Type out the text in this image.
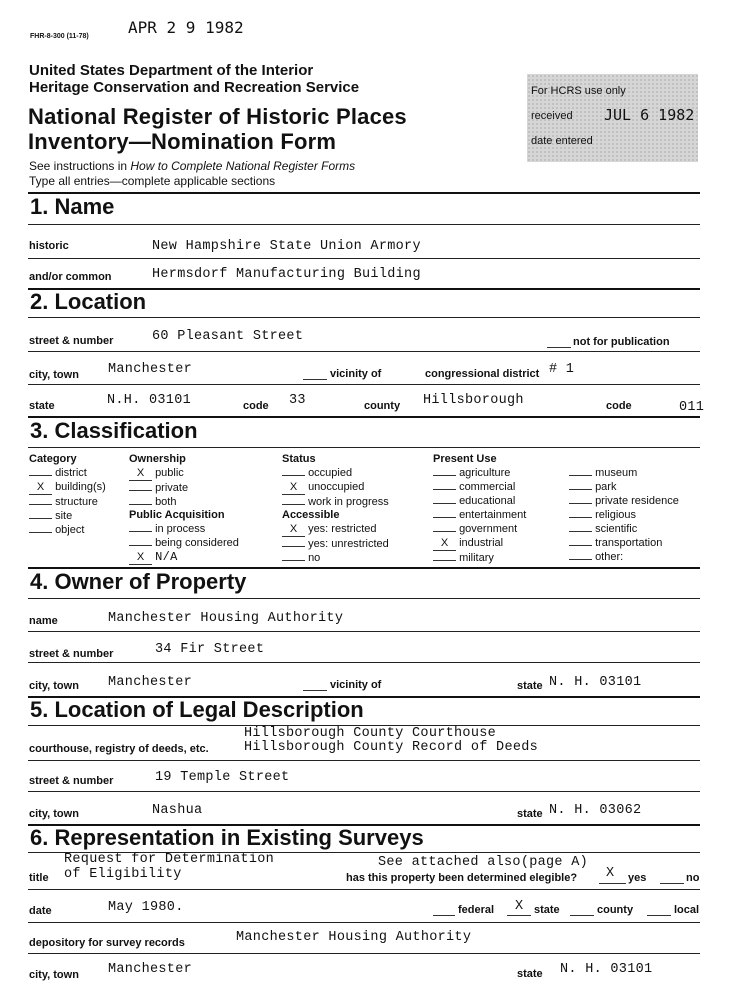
FHR-8-300 (11-78) APR 2 9 1982
United States Department of the Interior
Heritage Conservation and Recreation Service
National Register of Historic Places
Inventory—Nomination Form
See instructions in How to Complete National Register Forms
Type all entries—complete applicable sections
For HCRS use only
received JUL 6 1982
date entered
1. Name
historic	New Hampshire State Union Armory
and/or common	Hermsdorf Manufacturing Building
2. Location
street & number	60 Pleasant Street	not for publication
city, town Manchester	vicinity of	congressional district # 1
state	N.H. 03101	code 33	county Hillsborough	code	011
3. Classification
Category
district
X building(s)
structure
site
object
Ownership
X public
private
both
Public Acquisition
in process
being considered
X N/A
Status
occupied
X unoccupied
work in progress
Accessible
X yes: restricted
yes: unrestricted
no
Present Use
agriculture
commercial
educational
entertainment
government
X industrial
military
museum
park
private residence
religious
scientific
transportation
other:
4. Owner of Property
name	Manchester Housing Authority
street & number	34 Fir Street
city, town Manchester	vicinity of	state N. H. 03101
5. Location of Legal Description
Hillsborough County Courthouse
courthouse, registry of deeds, etc.	Hillsborough County Record of Deeds
street & number	19 Temple Street
city, town	Nashua	state N. H. 03062
6. Representation in Existing Surveys
Request for Determination	See attached also(page A)
title of Eligibility	has this property been determined elegible? X yes	no
date	May 1980.	federal X state	county	local
depository for survey records	Manchester Housing Authority
city, town Manchester	state N. H. 03101
